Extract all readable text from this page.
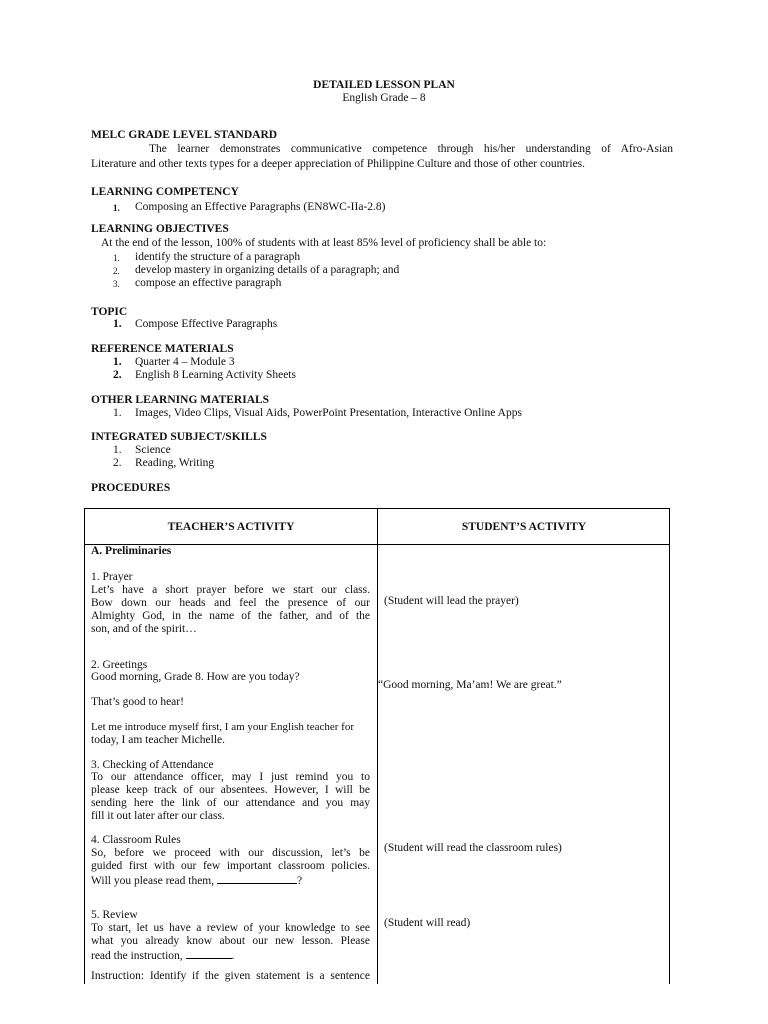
DETAILED LESSON PLAN
English Grade – 8
MELC GRADE LEVEL STANDARD
The learner demonstrates communicative competence through his/her understanding of Afro-Asian
Literature and other texts types for a deeper appreciation of Philippine Culture and those of other countries.
LEARNING COMPETENCY
1. Composing an Effective Paragraphs (EN8WC-IIa-2.8)
LEARNING OBJECTIVES
At the end of the lesson, 100% of students with at least 85% level of proficiency shall be able to:
1. identify the structure of a paragraph
2. develop mastery in organizing details of a paragraph; and
3. compose an effective paragraph
TOPIC
1. Compose Effective Paragraphs
REFERENCE MATERIALS
1. Quarter 4 – Module 3
2. English 8 Learning Activity Sheets
OTHER LEARNING MATERIALS
1. Images, Video Clips, Visual Aids, PowerPoint Presentation, Interactive Online Apps
INTEGRATED SUBJECT/SKILLS
1. Science
2. Reading, Writing
PROCEDURES
TEACHER’S ACTIVITY	STUDENT’S ACTIVITY
A. Preliminaries
1. Prayer
Let’s have a short prayer before we start our class.
Bow down our heads and feel the presence of our
Almighty God, in the name of the father, and of the
son, and of the spirit…
(Student will lead the prayer)
2. Greetings
Good morning, Grade 8. How are you today?
That’s good to hear!
Let me introduce myself first, I am your English teacher for
today, I am teacher Michelle.
“Good morning, Ma’am! We are great.”
3. Checking of Attendance
To our attendance officer, may I just remind you to
please keep track of our absentees. However, I will be
sending here the link of our attendance and you may
fill it out later after our class.
4. Classroom Rules
So, before we proceed with our discussion, let’s be
guided first with our few important classroom policies.
Will you please read them,	?
(Student will read the classroom rules)
5. Review
To start, let us have a review of your knowledge to see
what you already know about our new lesson. Please
read the instruction,	.
Instruction: Identify if the given statement is a sentence
(Student will read)
